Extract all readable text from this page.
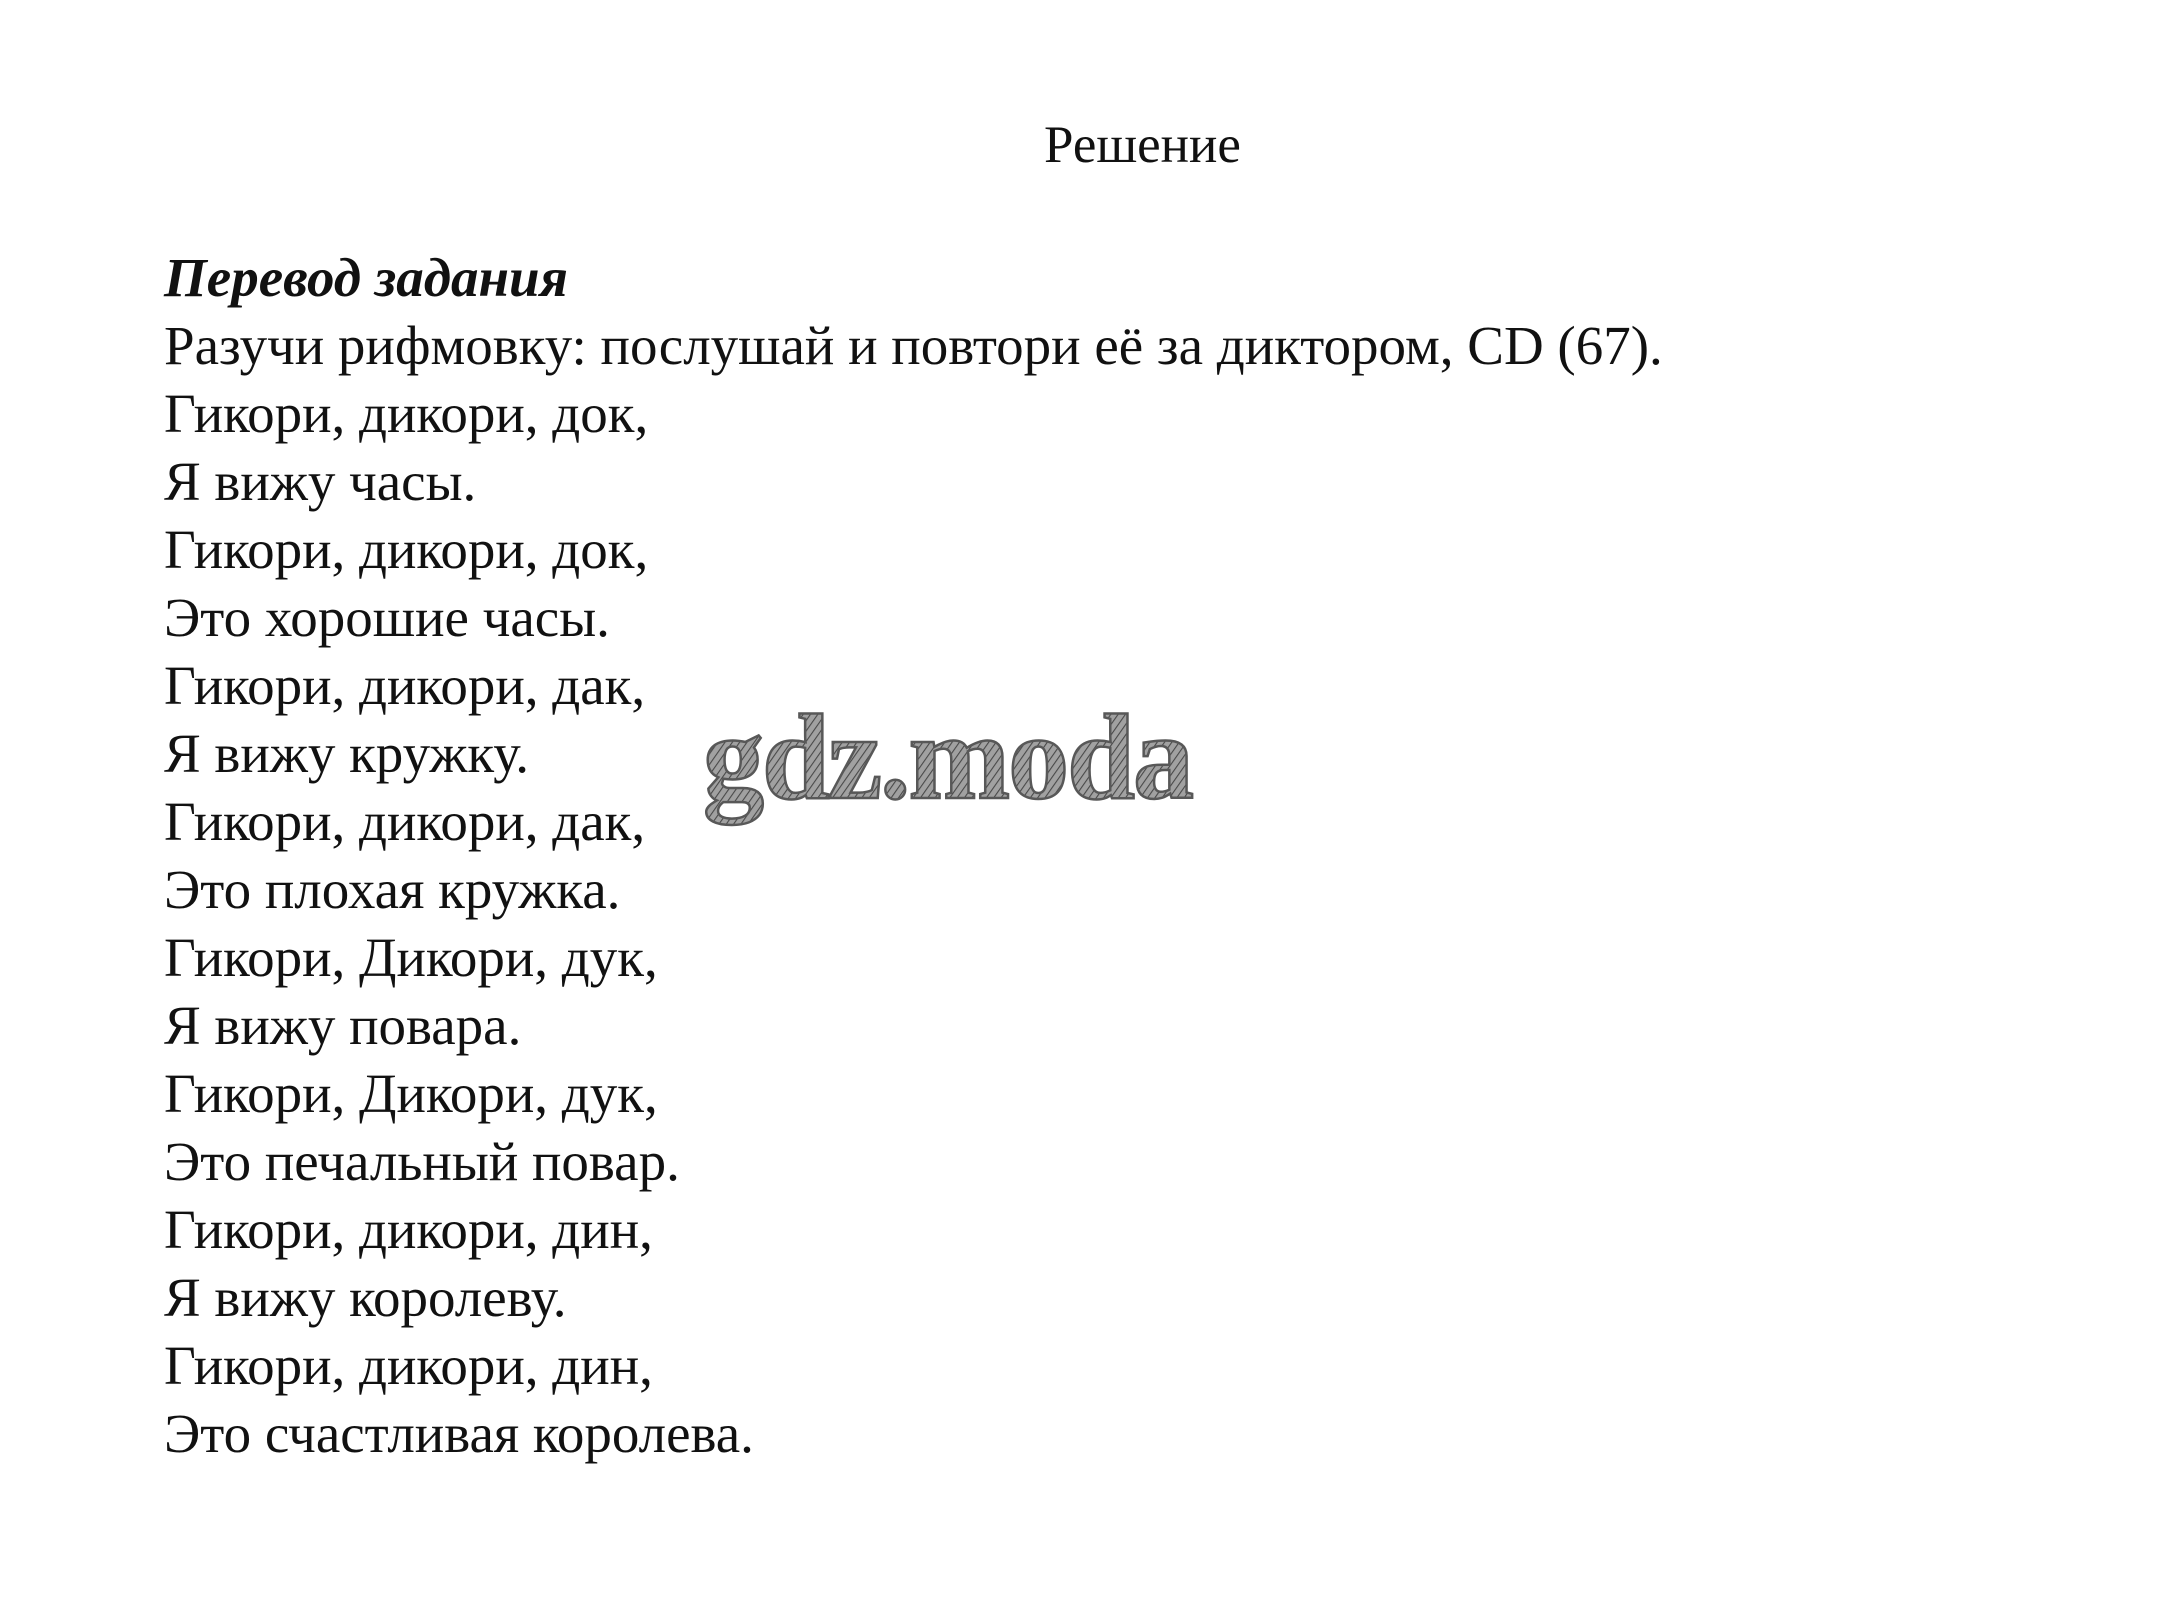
Решение

Перевод задания

Разучи рифмовку: послушай и повтори её за диктором, CD (67).

Гикори, дикори, док,
Я вижу часы.
Гикори, дикори, док,
Это хорошие часы.
Гикори, дикори, дак,
Я вижу кружку.
Гикори, дикори, дак,
Это плохая кружка.
Гикори, Дикори, дук,
Я вижу повара.
Гикори, Дикори, дук,
Это печальный повар.
Гикори, дикори, дин,
Я вижу королеву.
Гикори, дикори, дин,
Это счастливая королева.
gdz.moda
